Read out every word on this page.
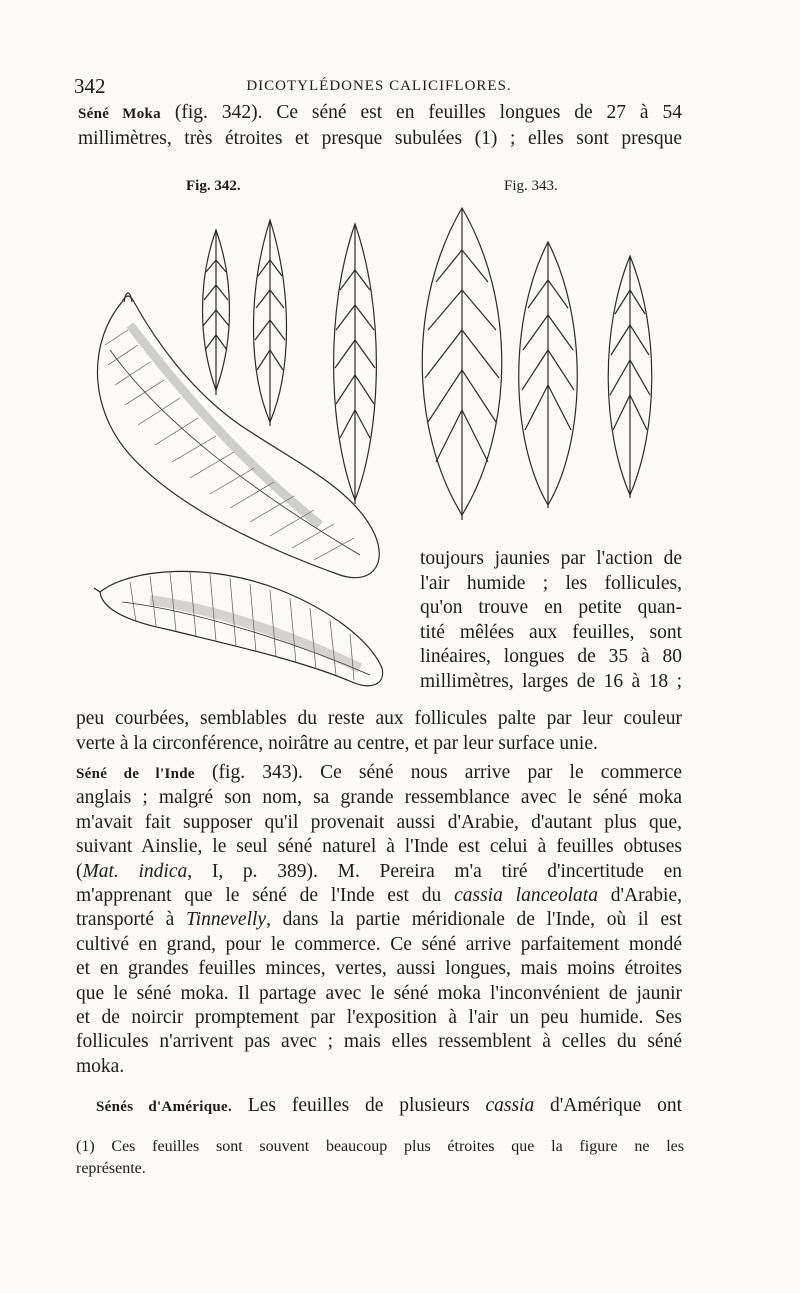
342	DICOTYLÉDONES CALICIFLORES.
Séné Moka (fig. 342). Ce séné est en feuilles longues de 27 à 54
millimètres, très étroites et presque subulées (1) ; elles sont presque
Fig. 342.	Fig. 343.
toujours jaunies par l'action de
l'air humide ; les follicules,
qu'on trouve en petite quan-
tité mêlées aux feuilles, sont
linéaires, longues de 35 à 80
millimètres, larges de 16 à 18 ;
peu courbées, semblables du reste aux follicules palte par leur couleur
verte à la circonférence, noirâtre au centre, et par leur surface unie.
Séné de l'Inde (fig. 343). Ce séné nous arrive par le commerce
anglais ; malgré son nom, sa grande ressemblance avec le séné moka
m'avait fait supposer qu'il provenait aussi d'Arabie, d'autant plus que,
suivant Ainslie, le seul séné naturel à l'Inde est celui à feuilles obtuses
(Mat. indica, I, p. 389). M. Pereira m'a tiré d'incertitude en
m'apprenant que le séné de l'Inde est du cassia lanceolata d'Arabie,
transporté à Tinnevelly, dans la partie méridionale de l'Inde, où il est
cultivé en grand, pour le commerce. Ce séné arrive parfaitement mondé
et en grandes feuilles minces, vertes, aussi longues, mais moins étroites
que le séné moka. Il partage avec le séné moka l'inconvénient de jaunir
et de noircir promptement par l'exposition à l'air un peu humide. Ses
follicules n'arrivent pas avec ; mais elles ressemblent à celles du séné
moka.
Sénés d'Amérique. Les feuilles de plusieurs cassia d'Amérique ont
(1) Ces feuilles sont souvent beaucoup plus étroites que la figure ne les
représente.
